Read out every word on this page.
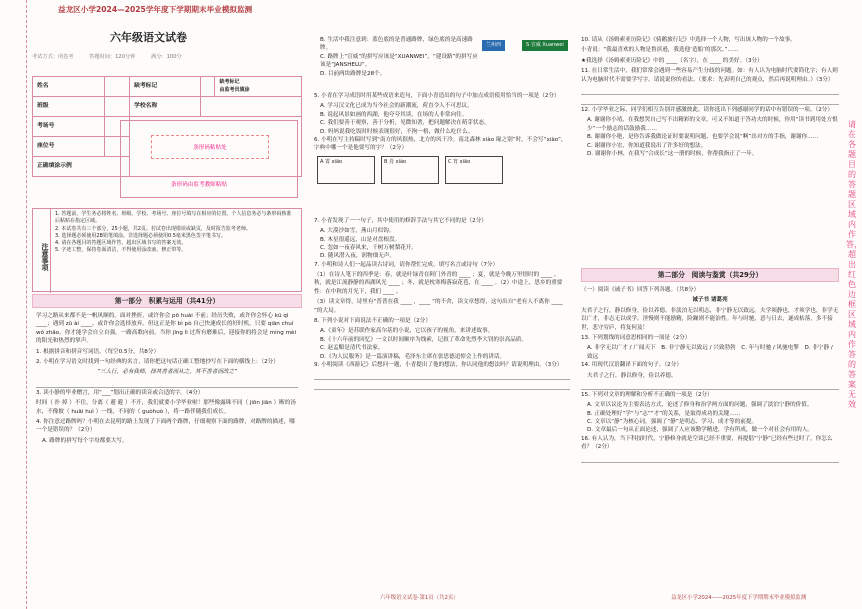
益龙区小学2024—2025学年度下学期期末毕业模拟监测
六年级语文试卷
考试方式：闭卷考	答题时间：120分钟	满分：100分
姓名		缺考标记		缺考标记
由监考员填涂
班级		学校名称		
考场号				
座位号				
正确填涂示例				
条形码粘贴处
条形码由监考教师粘贴
注意事项
1. 答题前，学生务必将姓名、班级、学校、考场号、座位号填写在相应的位置。个人信息务必与条形码核准后粘贴在指定区域。
2. 本试卷共有三个部分，25小题，共2页。若试卷出现错误或缺页，及时报告监考老师。
3. 选择题必须使用2B铅笔填涂，非选择题必须使用0.5毫米黑色签字笔书写。
4. 请在各题目的答题区域作答，超出区域书写的答案无效。
5. 字迹工整，保持卷面清洁，不得使用涂改液、修正带等。
第一部分　积累与运用（共41分）
学习之路从来都不是一帆风顺的。面对挫折，或许你会 pō huài 不前；经历失败，或许你会怀心 kū qì ____；遇到 zǔ ài ____，或许你会选择放弃。但这正是你 bì pò 自己快速成长的好时机。只要 qiān chuí wǒ zhāo，你才能学会自立自强，一路高歌向前。当你 jīng lì 过所有磨难后，迎接你的将会是 míng mèi 的阳光和热烈的掌声。
1. 根据拼音和拼音写词语。（每空0.5分，共8分）
2. 小明在学习语文时找到一句经典的名言，请你把这句话正确工整地抄写在下面的横线上：（2分）
“三人行，必有我师，择其善者而从之，其不善者而改之”
3. 读小静的毕业赠言，用“___”划出正确的读音或合适的字。（4分）
时间（ 扑 掉 ）不住，分离（ 避 避 ）不开，我们就要小学毕业啦！那些像露珠不同（ jiōn jiān ）断的汤水，不像彼（ huāi huì ）一线，不同的（ guòhuò ），将一路伴随我们成长。
4. 你注意过路牌吗？小明在去昆明的路上发现了下面两个路牌，仔细观察下面的路牌，对路牌的描述，哪一个是错误的？（2分）
A. 路牌的拼写每个字母都要大写。
兰州西	S 宣威 Xuanwei
B. 生活中我注意到：蓝色底的是普通路牌，绿色底的是高速路牌。
C. 路牌上“宣威”的拼写应该是“XUANWEI”，“建设路”的拼写应该是“JANSHELU”。
D. 目前两块路牌是28个。
5. 小青在学习成语时用某些成语来造句，下面小青造出的句子中加点成语使用恰当的一项是（2分）
A. 学习汉文化已成为当今社会的新潮流，荷直令人不可思议。
B. 说起风景如画的西湖，他夸夸其谈，在场的人非常向往。
C. 我们要善于观察，善于分析，见微知著，把问题解决在萌芽状态。
D. 妈妈说我吃饭时时候表现很好，不拘一格，做什么吃什么。
6. 小明在写主持稿时写到“南方的风很热，北方的风干冷。南北森林 xiào 缘之别”时，不会写“xiào”，字典中哪一个是他要写的字？（2分）
A 霄 xiāo	B 肖 xiào	C 宵 xiāo
7. 小青发现了一一句子，其中使用的修辞手法与其它不同的是（2分）
A. 大漠沙如雪，燕山月似钩。
B. 木星很遥远，山是对盘根盘。
C. 忽如一夜春风来，千树万树梨花开。
D. 随风潜入夜，润物细无声。
7. 小明和诗人们一起品读古诗词，请你帮忙完成。填写名言或诗句（7分）
（1）在诗人笔下的四季是：春，就是叶绿青在阿门外青的 ____ ；夏，就是今晚万里情时的 ____ ，秋，就是江流静静的西湖风光 ____ ；冬，就是枕寒梅落寂花苞，在 ____ 。（2）中途上，思乡的重要性：在中秋的月光下，我们 ____ 。
（3）读文章得，诗里有“普普在我 ____ ，____ ”的不舍，读文章想得，这句出自“老有人不离你 ____ ”的大局。
8. 下列小说对下面说法不正确的一项是（2分）
A.《童年》是苏联作家高尔基的小说，它以孩子的视角，来讲述故事。
B.《十六年前的回忆》一文以时间顺序为线索，记叙了革命先烈李大钊的崇高品质。
C. 赵孟頫是清代书法家。
D.《为人民服务》是一篇演讲稿，毛泽东主席在张思德追悼会上作的讲话。
9. 小明阅读《西游记》后想问一题，小青提出了他的想法，你认同他的想法吗？请说明理由。（3分）
六年级语文试卷·第1页（共2页）
10. 请从《汤姆索亚历险记》《骑鹅旅行记》中选择一个人物，写出该人物的一个故事。
小青说：“我最喜欢的人物是鲁滨逊，我选他‘造船’的那次。”……
★我选择《汤姆索亚历险记》中的 ____（名字），在 ____ 的美好。（3分）
11. 在日常生活中，我们常常会遇到一些容易产生分歧的问题。如：有人认为电脑时代要简化字；有人则认为电脑时代不需要学写字。请说说你的看法。（要求：先表明自己的观点，然后再说明理由。）（3分）
12. 小学毕业之际，同学们相互告别并感激彼此，请你选出下列感谢同学的话中有错误的一项。（2分）
A. 谢谢你小靖，在我想哭自己写不出精彩的文章，可又不知道于答功夫的时候，你用“读书到用处方恨少”一个励志的话鼓励我……
B. 谢谢你小艳，是你告诉我做论证时要说明问题，也要学会说“啊”出对方的手指，谢谢你……
C. 谢谢你小宏，你知道我说出了许多好的想法。
D. 谢谢你小林，在我写“合成长”这一册的时候，你帮我指正了一年。
第二部分　阅读与鉴赏（共29分）
（一）阅读《诫子书》回答下列各题。（共8分）
诫子书 诸葛亮
夫君子之行，静以修身，俭以养德。非淡泊无以明志，非宁静无以致远。夫学须静也，才须学也，非学无以广才，非志无以成学。淫慢则不能励精，险躁则不能治性。年与时驰，意与日去，遂成枯落，多不接世，悲守穷庐，将复何及！
13. 下列划线的词意思相同的一项是（2分）
A. 非学无以广才 / 广闻天下　B. 非宁静无以致远 / 兴致勃勃　C. 年与时驰 / 风驰电掣　D. 非宁静 / 致远
14. 用现代汉语翻译下面的句子。（2分）
夫君子之行，静以修身，俭以养德。
15. 下列对文章的理解和分析不正确的一项是（2分）
A. 文章以议论为主要表达方式，论述了修身和治学两方面的问题，强调了淡泊宁静的价值。
B. 正确处理好“学”与“志”“才”的关系，是取得成功的关键……
C. 文章以“静”为核心词，强调了“静”是明志、学习、成才等的前提。
D. 文章最后一句从正面论述，强调了人应该勤学精进，学有所成，做一个对社会有用的人。
16. 有人认为，当下科技时代，宁静修身就是空谈已经不重要，再提倡“宁静”已经有些过时了。你怎么看？（2分）
益龙区小学2024——2025年度下学期期末毕业模拟监测
请在各题目的答题区域内作答，超出红色边框区域内作答的答案无效
